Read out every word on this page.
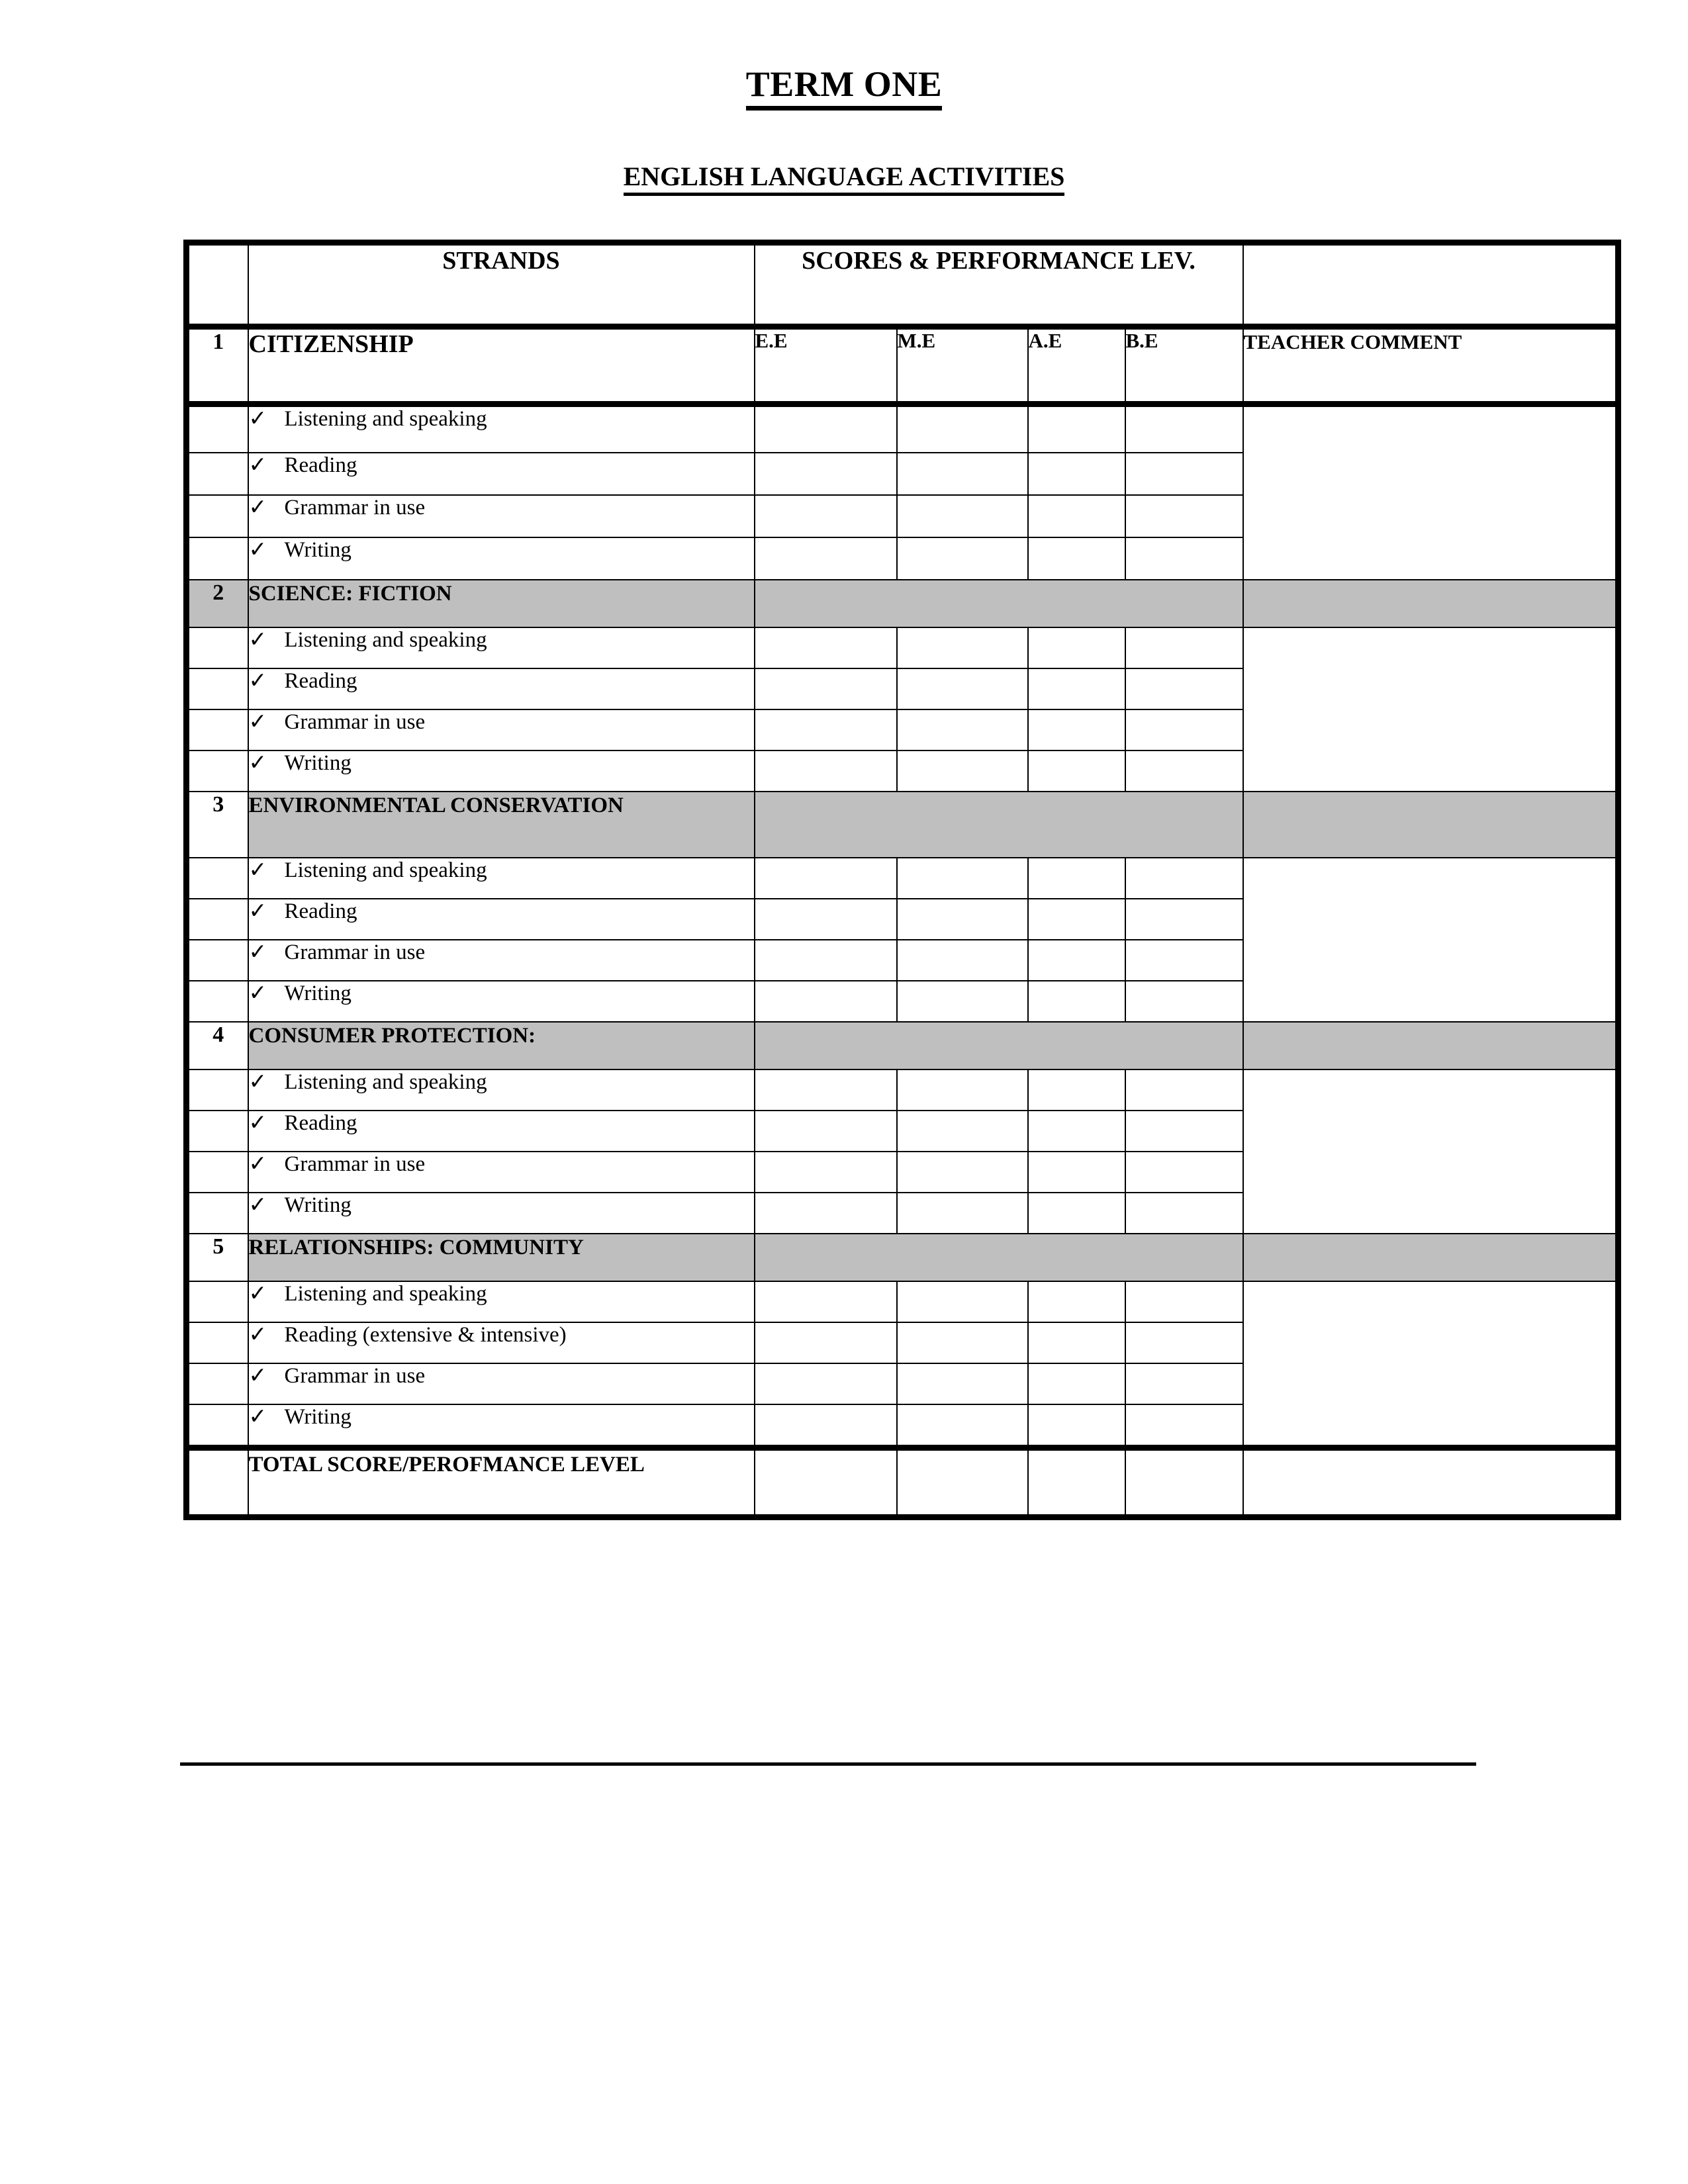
TERM ONE
ENGLISH LANGUAGE ACTIVITIES
	STRANDS	SCORES & PERFORMANCE LEV.				
1	CITIZENSHIP	E.E	M.E	A.E	B.E	TEACHER COMMENT
	✓ Listening and speaking					
	✓ Reading					
	✓ Grammar in use					
	✓ Writing					
2	SCIENCE: FICTION					
	✓ Listening and speaking					
	✓ Reading					
	✓ Grammar in use					
	✓ Writing					
3	ENVIRONMENTAL CONSERVATION					
	✓ Listening and speaking					
	✓ Reading					
	✓ Grammar in use					
	✓ Writing					
4	CONSUMER PROTECTION:					
	✓ Listening and speaking					
	✓ Reading					
	✓ Grammar in use					
	✓ Writing					
5	RELATIONSHIPS: COMMUNITY					
	✓ Listening and speaking					
	✓ Reading (extensive & intensive)					
	✓ Grammar in use					
	✓ Writing					
	TOTAL SCORE/PEROFMANCE LEVEL					
